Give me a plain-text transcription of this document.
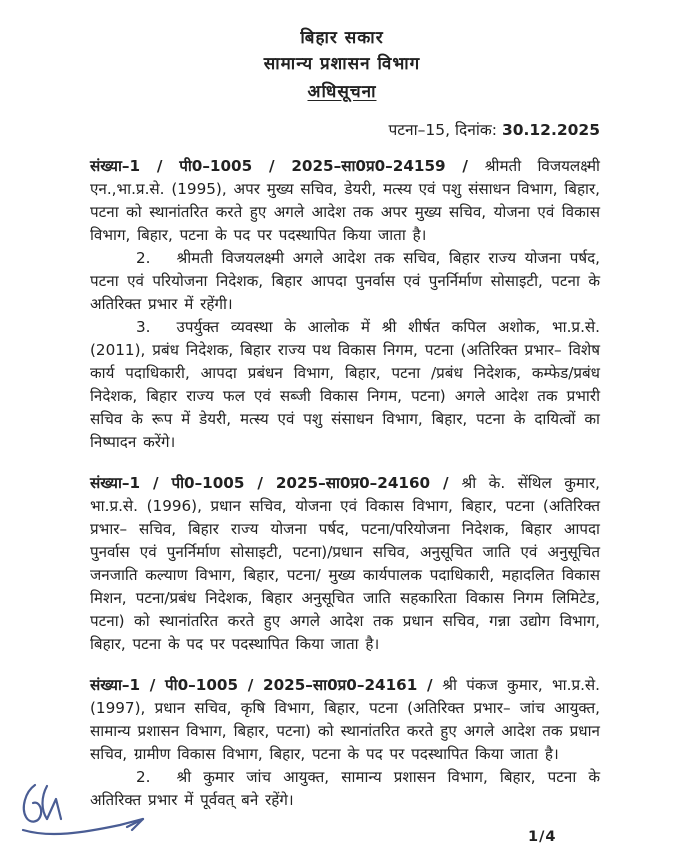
बिहार सकार
सामान्य प्रशासन विभाग
अधिसूचना
पटना–15, दिनांक: 30.12.2025

संख्या–1 / पी0–1005 / 2025–सा0प्र0–24159 / श्रीमती विजयलक्ष्मी एन.,भा.प्र.से. (1995), अपर मुख्य सचिव, डेयरी, मत्स्य एवं पशु संसाधन विभाग, बिहार, पटना को स्थानांतरित करते हुए अगले आदेश तक अपर मुख्य सचिव, योजना एवं विकास विभाग, बिहार, पटना के पद पर पदस्थापित किया जाता है।

2. श्रीमती विजयलक्ष्मी अगले आदेश तक सचिव, बिहार राज्य योजना पर्षद, पटना एवं परियोजना निदेशक, बिहार आपदा पुनर्वास एवं पुनर्निर्माण सोसाइटी, पटना के अतिरिक्त प्रभार में रहेंगी।

3. उपर्युक्त व्यवस्था के आलोक में श्री शीर्षत कपिल अशोक, भा.प्र.से. (2011), प्रबंध निदेशक, बिहार राज्य पथ विकास निगम, पटना (अतिरिक्त प्रभार– विशेष कार्य पदाधिकारी, आपदा प्रबंधन विभाग, बिहार, पटना /प्रबंध निदेशक, कम्फेड/प्रबंध निदेशक, बिहार राज्य फल एवं सब्जी विकास निगम, पटना) अगले आदेश तक प्रभारी सचिव के रूप में डेयरी, मत्स्य एवं पशु संसाधन विभाग, बिहार, पटना के दायित्वों का निष्पादन करेंगे।

संख्या–1 / पी0–1005 / 2025–सा0प्र0–24160 / श्री के. सेंथिल कुमार, भा.प्र.से. (1996), प्रधान सचिव, योजना एवं विकास विभाग, बिहार, पटना (अतिरिक्त प्रभार– सचिव, बिहार राज्य योजना पर्षद, पटना/परियोजना निदेशक, बिहार आपदा पुनर्वास एवं पुनर्निर्माण सोसाइटी, पटना)/प्रधान सचिव, अनुसूचित जाति एवं अनुसूचित जनजाति कल्याण विभाग, बिहार, पटना/ मुख्य कार्यपालक पदाधिकारी, महादलित विकास मिशन, पटना/प्रबंध निदेशक, बिहार अनुसूचित जाति सहकारिता विकास निगम लिमिटेड, पटना) को स्थानांतरित करते हुए अगले आदेश तक प्रधान सचिव, गन्ना उद्योग विभाग, बिहार, पटना के पद पर पदस्थापित किया जाता है।

संख्या–1 / पी0–1005 / 2025–सा0प्र0–24161 / श्री पंकज कुमार, भा.प्र.से. (1997), प्रधान सचिव, कृषि विभाग, बिहार, पटना (अतिरिक्त प्रभार– जांच आयुक्त, सामान्य प्रशासन विभाग, बिहार, पटना) को स्थानांतरित करते हुए अगले आदेश तक प्रधान सचिव, ग्रामीण विकास विभाग, बिहार, पटना के पद पर पदस्थापित किया जाता है।

2. श्री कुमार जांच आयुक्त, सामान्य प्रशासन विभाग, बिहार, पटना के अतिरिक्त प्रभार में पूर्ववत् बने रहेंगे।

1/4
